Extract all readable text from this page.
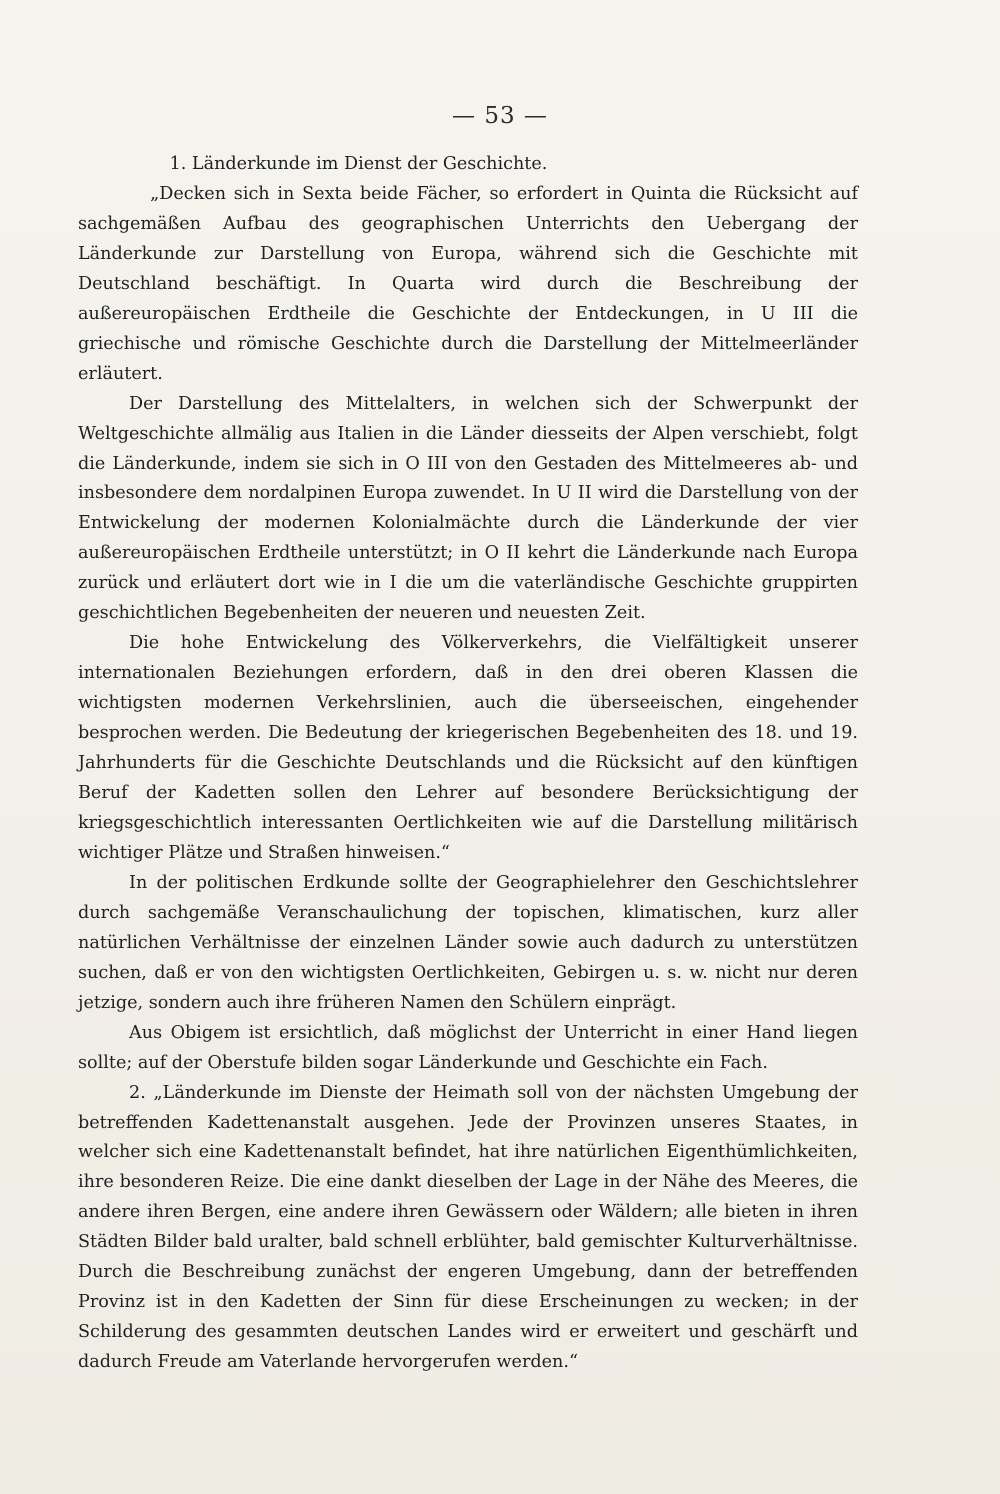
— 53 —

1. Länderkunde im Dienst der Geschichte.

„Decken sich in Sexta beide Fächer, so erfordert in Quinta die Rücksicht auf sachgemäßen Aufbau des geographischen Unterrichts den Uebergang der Länderkunde zur Darstellung von Europa, während sich die Geschichte mit Deutschland beschäftigt. In Quarta wird durch die Beschreibung der außereuropäischen Erdtheile die Geschichte der Entdeckungen, in U III die griechische und römische Geschichte durch die Darstellung der Mittelmeerländer erläutert.

Der Darstellung des Mittelalters, in welchen sich der Schwerpunkt der Weltgeschichte allmälig aus Italien in die Länder diesseits der Alpen verschiebt, folgt die Länderkunde, indem sie sich in O III von den Gestaden des Mittelmeeres ab- und insbesondere dem nordalpinen Europa zuwendet. In U II wird die Darstellung von der Entwickelung der modernen Kolonialmächte durch die Länderkunde der vier außereuropäischen Erdtheile unterstützt; in O II kehrt die Länderkunde nach Europa zurück und erläutert dort wie in I die um die vaterländische Geschichte gruppirten geschichtlichen Begebenheiten der neueren und neuesten Zeit.

Die hohe Entwickelung des Völkerverkehrs, die Vielfältigkeit unserer internationalen Beziehungen erfordern, daß in den drei oberen Klassen die wichtigsten modernen Verkehrslinien, auch die überseeischen, eingehender besprochen werden. Die Bedeutung der kriegerischen Begebenheiten des 18. und 19. Jahrhunderts für die Geschichte Deutschlands und die Rücksicht auf den künftigen Beruf der Kadetten sollen den Lehrer auf besondere Berücksichtigung der kriegsgeschichtlich interessanten Oertlichkeiten wie auf die Darstellung militärisch wichtiger Plätze und Straßen hinweisen.“

In der politischen Erdkunde sollte der Geographielehrer den Geschichtslehrer durch sachgemäße Veranschaulichung der topischen, klimatischen, kurz aller natürlichen Verhältnisse der einzelnen Länder sowie auch dadurch zu unterstützen suchen, daß er von den wichtigsten Oertlichkeiten, Gebirgen u. s. w. nicht nur deren jetzige, sondern auch ihre früheren Namen den Schülern einprägt.

Aus Obigem ist ersichtlich, daß möglichst der Unterricht in einer Hand liegen sollte; auf der Oberstufe bilden sogar Länderkunde und Geschichte ein Fach.

2. „Länderkunde im Dienste der Heimath soll von der nächsten Umgebung der betreffenden Kadettenanstalt ausgehen. Jede der Provinzen unseres Staates, in welcher sich eine Kadettenanstalt befindet, hat ihre natürlichen Eigenthümlichkeiten, ihre besonderen Reize. Die eine dankt dieselben der Lage in der Nähe des Meeres, die andere ihren Bergen, eine andere ihren Gewässern oder Wäldern; alle bieten in ihren Städten Bilder bald uralter, bald schnell erblühter, bald gemischter Kulturverhältnisse. Durch die Beschreibung zunächst der engeren Umgebung, dann der betreffenden Provinz ist in den Kadetten der Sinn für diese Erscheinungen zu wecken; in der Schilderung des gesammten deutschen Landes wird er erweitert und geschärft und dadurch Freude am Vaterlande hervorgerufen werden.“
